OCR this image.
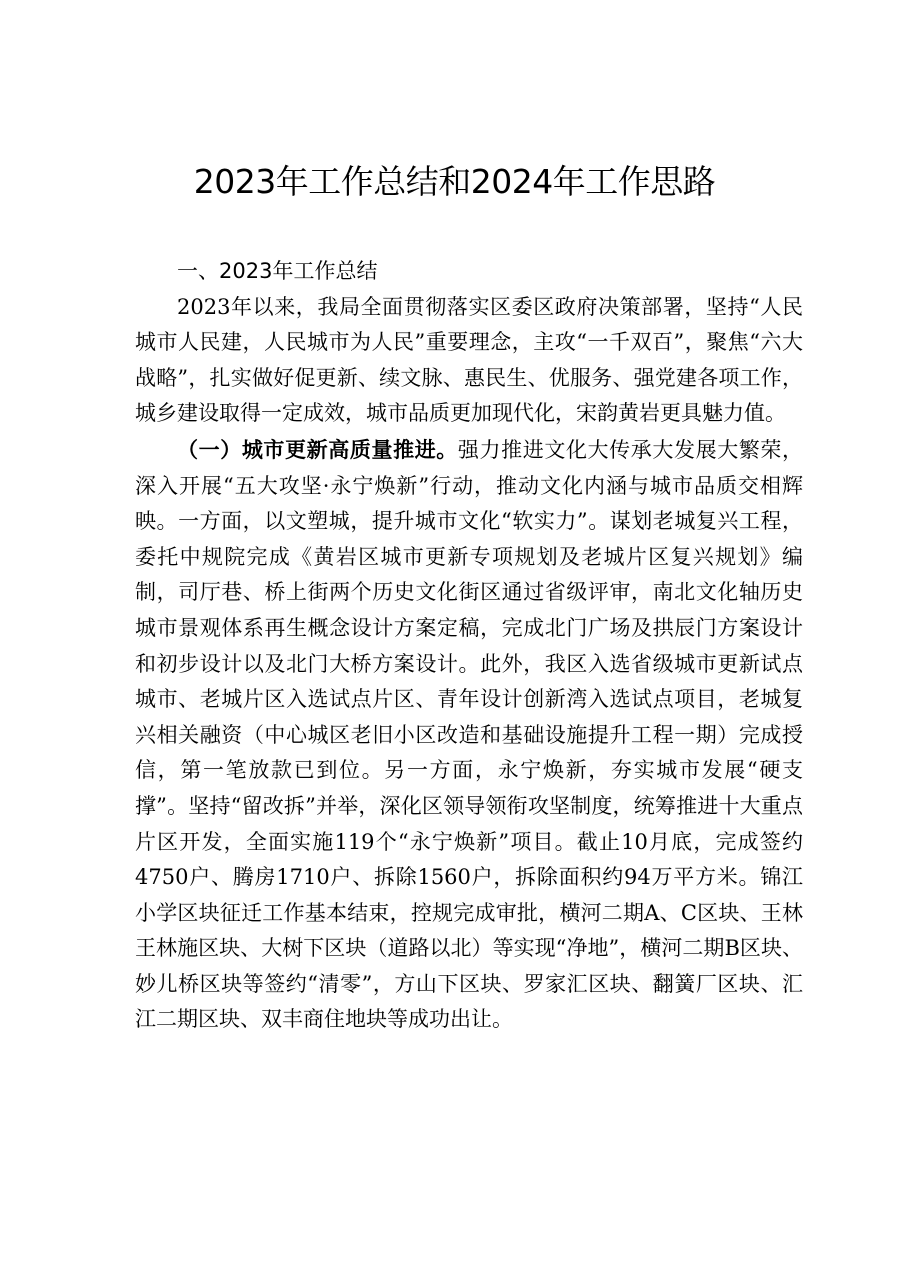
2023年工作总结和2024年工作思路

一、2023年工作总结

2023年以来，我局全面贯彻落实区委区政府决策部署，坚持“人民城市人民建，人民城市为人民”重要理念，主攻“一千双百”，聚焦“六大战略”，扎实做好促更新、续文脉、惠民生、优服务、强党建各项工作，城乡建设取得一定成效，城市品质更加现代化，宋韵黄岩更具魅力值。

（一）城市更新高质量推进。强力推进文化大传承大发展大繁荣，深入开展“五大攻坚·永宁焕新”行动，推动文化内涵与城市品质交相辉映。一方面，以文塑城，提升城市文化“软实力”。谋划老城复兴工程，委托中规院完成《黄岩区城市更新专项规划及老城片区复兴规划》编制，司厅巷、桥上街两个历史文化街区通过省级评审，南北文化轴历史城市景观体系再生概念设计方案定稿，完成北门广场及拱辰门方案设计和初步设计以及北门大桥方案设计。此外，我区入选省级城市更新试点城市、老城片区入选试点片区、青年设计创新湾入选试点项目，老城复兴相关融资（中心城区老旧小区改造和基础设施提升工程一期）完成授信，第一笔放款已到位。另一方面，永宁焕新，夯实城市发展“硬支撑”。坚持“留改拆”并举，深化区领导领衔攻坚制度，统筹推进十大重点片区开发，全面实施119个“永宁焕新”项目。截止10月底，完成签约4750户、腾房1710户、拆除1560户，拆除面积约94万平方米。锦江小学区块征迁工作基本结束，控规完成审批，横河二期A、C区块、王林王林施区块、大树下区块（道路以北）等实现“净地”，横河二期B区块、妙儿桥区块等签约“清零”，方山下区块、罗家汇区块、翻簧厂区块、汇江二期区块、双丰商住地块等成功出让。
